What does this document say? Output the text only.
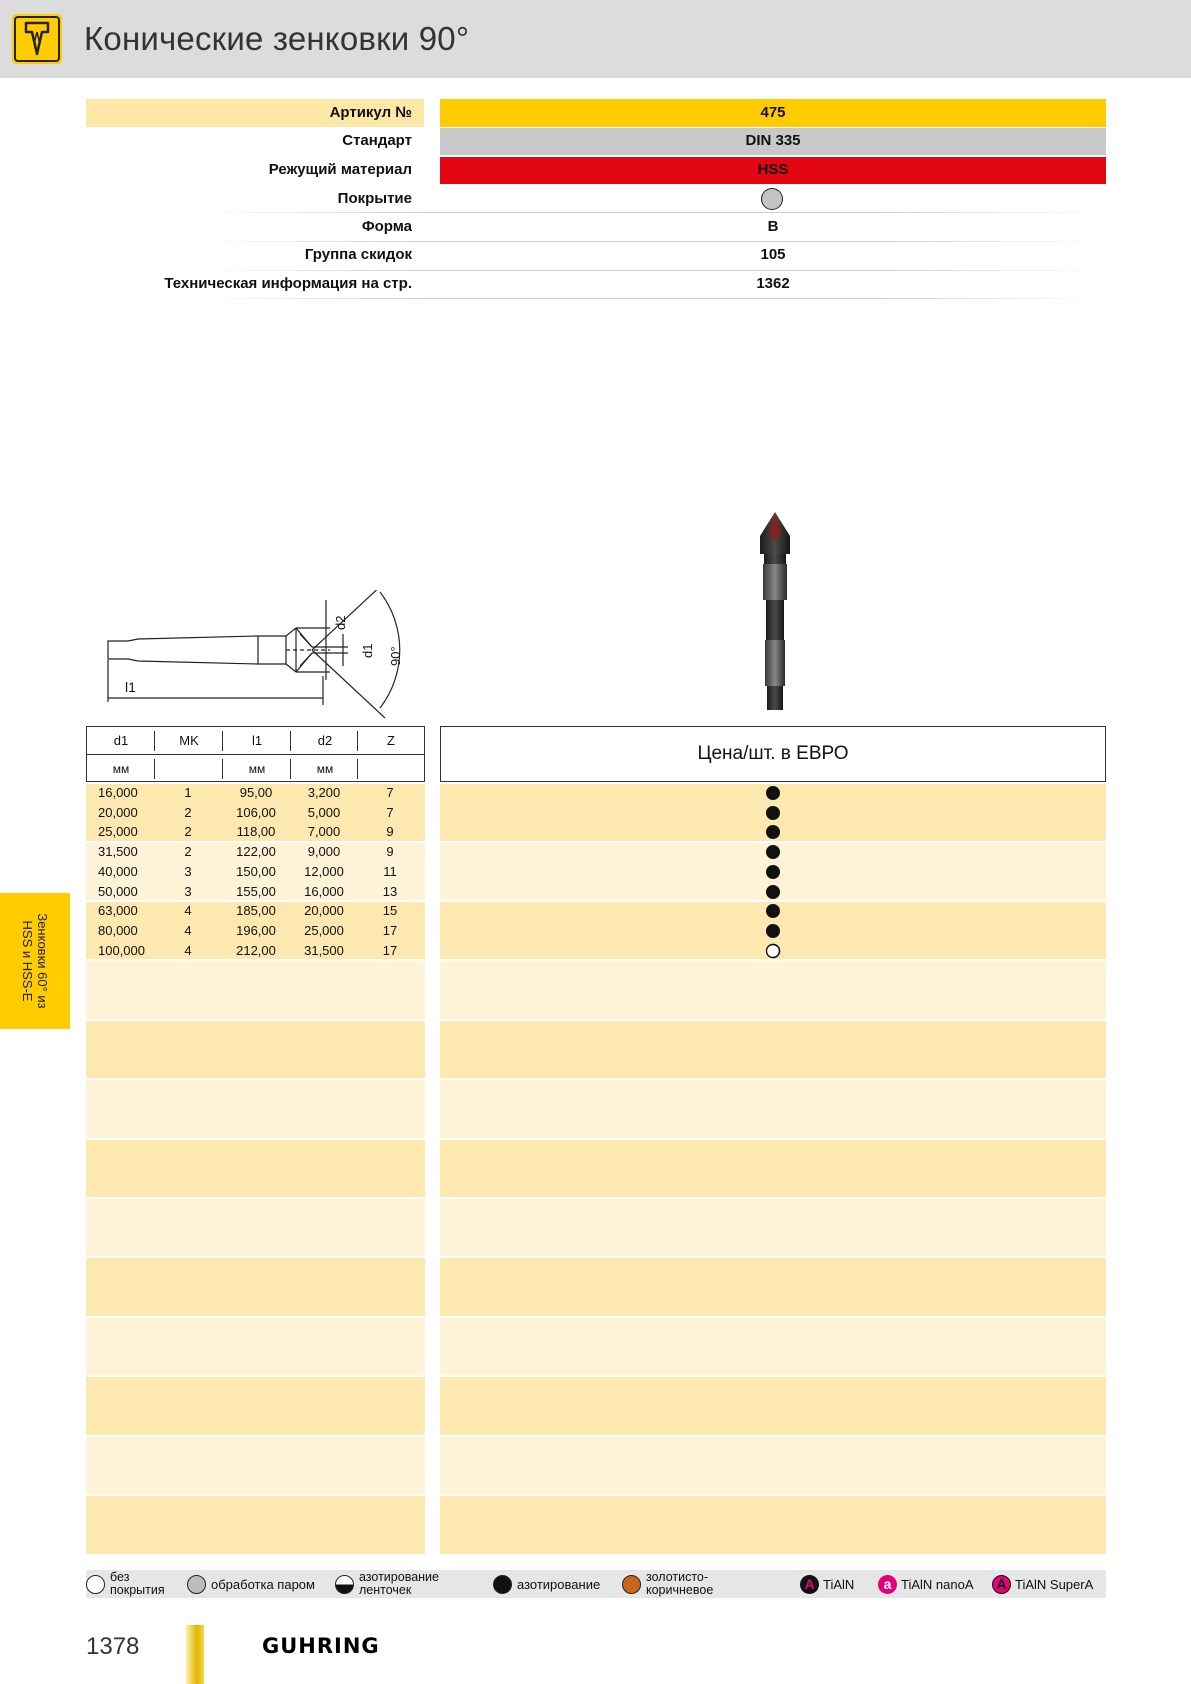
Конические зенковки 90°
Артикул №	475
Стандарт	DIN 335
Режущий материал	HSS
Покрытие
Форма	B
Группа скидок	105
Техническая информация на стр.	1362
l1
d2
d1 90°
d1	MK	l1	d2	Z
мм	мм	мм
Цена/шт. в ЕВРО
16,000	1	95,00	3,200	7
20,000	2	106,00	5,000	7
25,000	2	118,00	7,000	9
31,500	2	122,00	9,000	9
40,000	3	150,00	12,000	11
50,000	3	155,00	16,000	13
63,000	4	185,00	20,000	15
80,000	4	196,00	25,000	17
100,000	4	212,00	31,500	17
Зенковки 60° из
HSS и HSS-E
без
покрытия	обработка паром	азотирование
ленточек	азотирование	золотисто-
коричневое	A TiAlN	a TiAlN nanoA	A TiAlN SuperA
1378	GUHRING
